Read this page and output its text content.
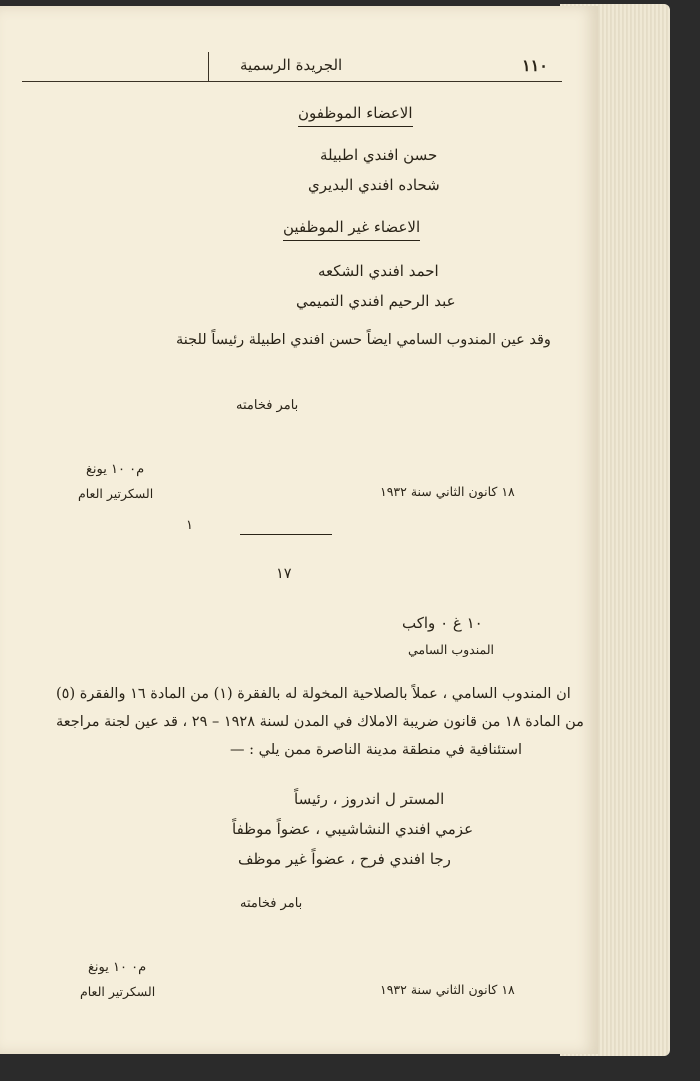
١١٠
الجريدة الرسمية
الاعضاء الموظفون
حسن افندي اطبيلة
شحاده افندي البديري
الاعضاء غير الموظفين
احمد افندي الشكعه
عبد الرحيم افندي التميمي
وقد عين المندوب السامي ايضاً حسن افندي اطبيلة رئيساً للجنة
بامر فخامته
م٠ ١٠ يونغ
السكرتير العام	١٨ كانون الثاني سنة ١٩٣٢
١
١٧
١٠ غ ٠ واكب
المندوب السامي
ان المندوب السامي ، عملاً بالصلاحية المخولة له بالفقرة (١) من المادة ١٦ والفقرة (٥)
من المادة ١٨ من قانون ضريبة الاملاك في المدن لسنة ١٩٢٨ – ٢٩ ، قد عين لجنة مراجعة
استئنافية في منطقة مدينة الناصرة ممن يلي : —
المستر ل اندروز ، رئيساً
عزمي افندي النشاشيبي ، عضواً موظفاً
رجا افندي فرح ، عضواً غير موظف
بامر فخامته
م٠ ١٠ يونغ
السكرتير العام	١٨ كانون الثاني سنة ١٩٣٢
